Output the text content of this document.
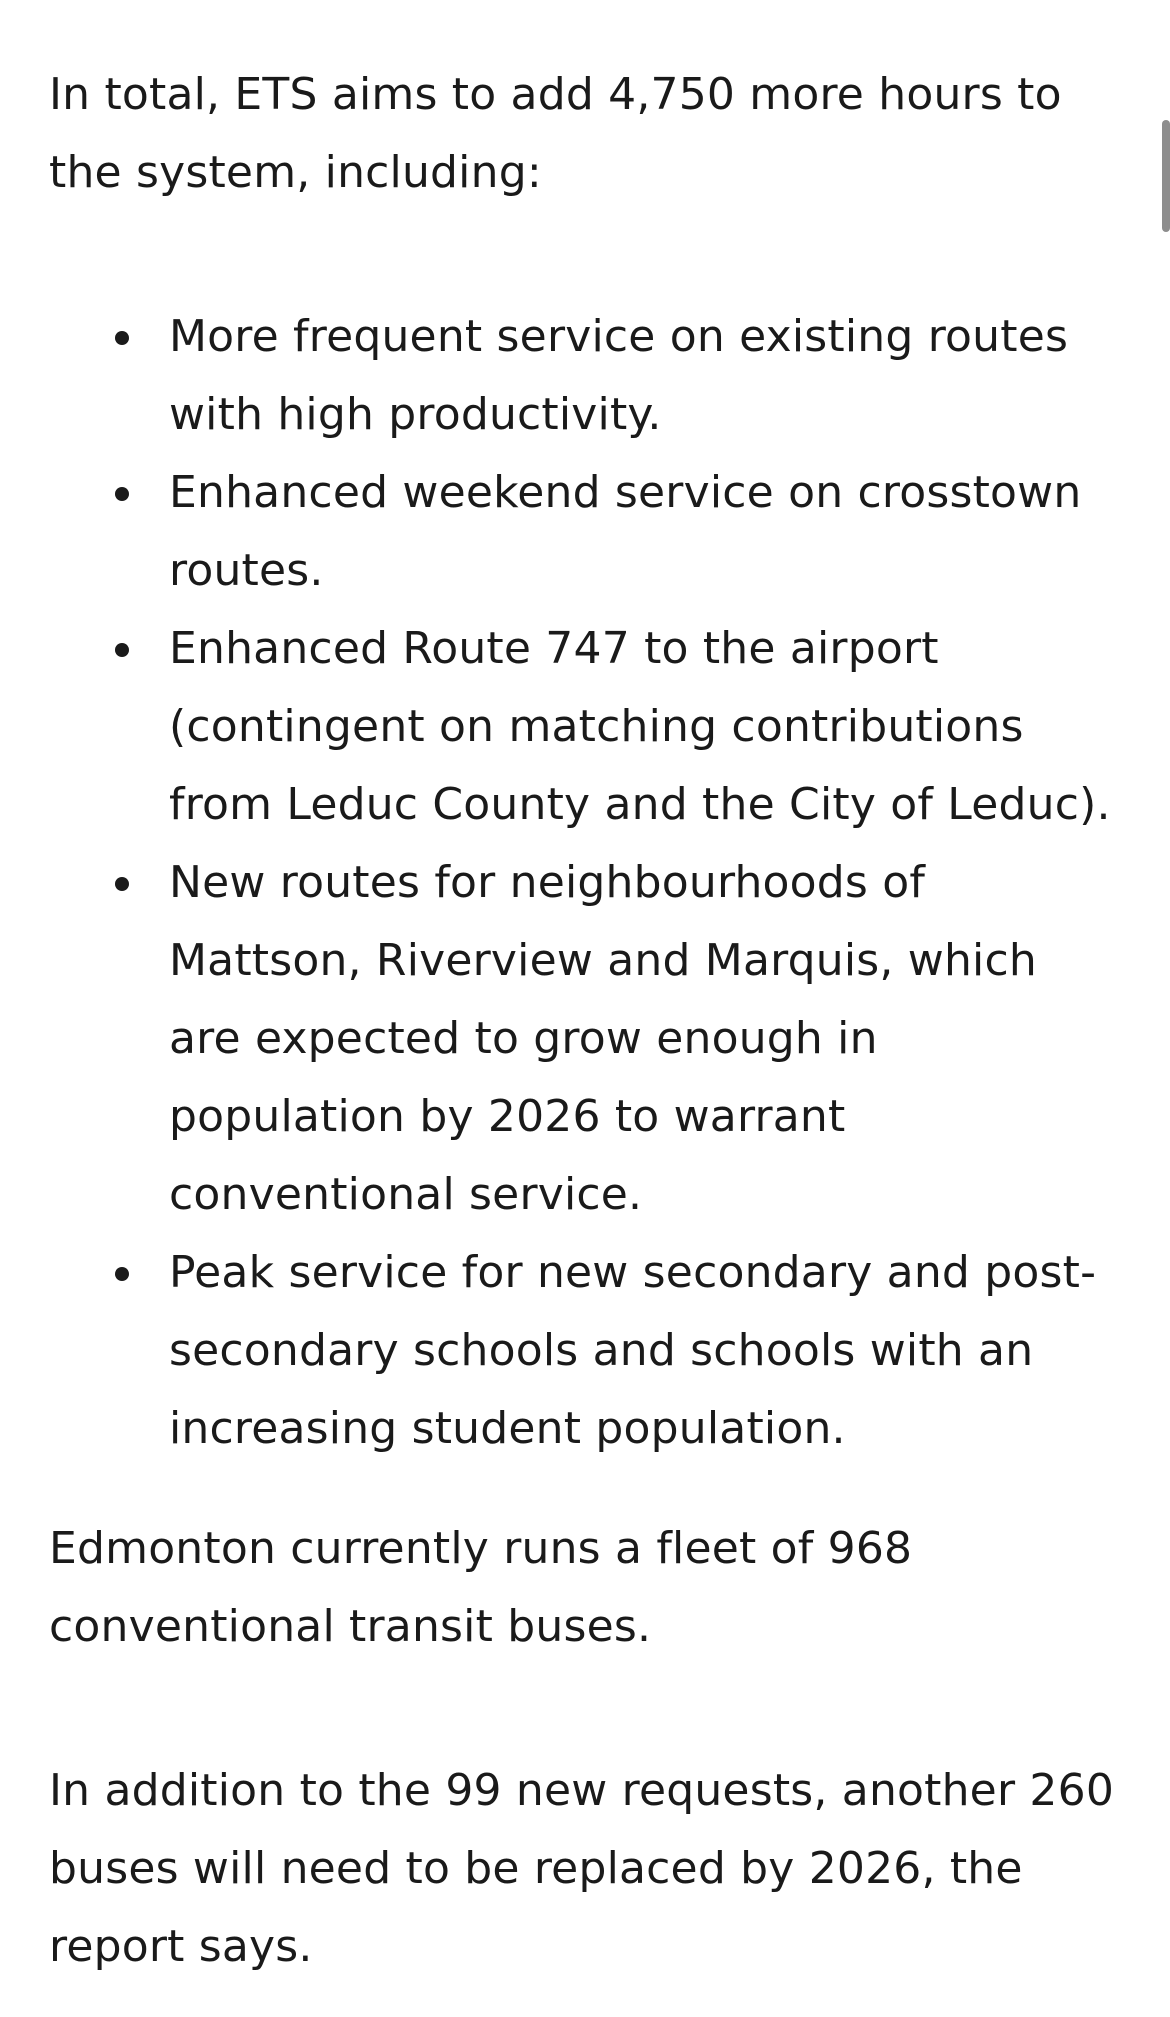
In total, ETS aims to add 4,750 more hours to the system, including:

More frequent service on existing routes with high productivity.
Enhanced weekend service on crosstown routes.
Enhanced Route 747 to the airport (contingent on matching contributions from Leduc County and the City of Leduc).
New routes for neighbourhoods of Mattson, Riverview and Marquis, which are expected to grow enough in population by 2026 to warrant conventional service.
Peak service for new secondary and post-secondary schools and schools with an increasing student population.

Edmonton currently runs a fleet of 968 conventional transit buses.

In addition to the 99 new requests, another 260 buses will need to be replaced by 2026, the report says.
